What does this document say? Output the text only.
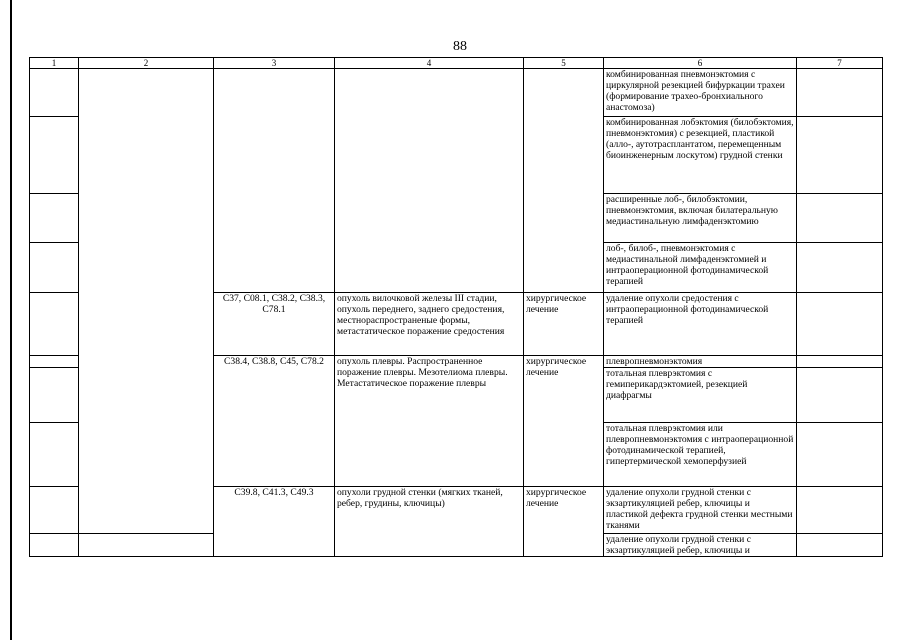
88
1	2	3	4	5	6	7
					комбинированная пневмонэктомия с циркулярной резекцией бифуркации трахеи (формирование трахео-бронхиального анастомоза)	
					комбинированная лобэктомия (билобэктомия, пневмонэктомия) с резекцией, пластикой (алло-, аутотрасплантатом, перемещенным биоинженерным лоскутом) грудной стенки	
					расширенные лоб-, билобэктомии, пневмонэктомия, включая билатеральную медиастинальную лимфаденэктомию	
					лоб-, билоб-, пневмонэктомия с медиастинальной лимфаденэктомией и интраоперационной фотодинамической терапией	
		C37, C08.1, C38.2, C38.3, C78.1	опухоль вилочковой железы III стадии, опухоль переднего, заднего средостения, местнораспространеные формы, метастатическое поражение средостения	хирургическое лечение	удаление опухоли средостения с интраоперационной фотодинамической терапией	
		C38.4, C38.8, C45, C78.2	опухоль плевры. Распространенное поражение плевры. Мезотелиома плевры. Метастатическое поражение плевры	хирургическое лечение	плевропневмонэктомия	
					тотальная плеврэктомия с гемиперикардэктомией, резекцией диафрагмы	
					тотальная плеврэктомия или плевропневмонэктомия с интраоперационной фотодинамической терапией, гипертермической хемоперфузией	
		C39.8, C41.3, C49.3	опухоли грудной стенки (мягких тканей, ребер, грудины, ключицы)	хирургическое лечение	удаление опухоли грудной стенки с экзартикуляцией ребер, ключицы и пластикой дефекта грудной стенки местными тканями	
					удаление опухоли грудной стенки с экзартикуляцией ребер, ключицы и	
